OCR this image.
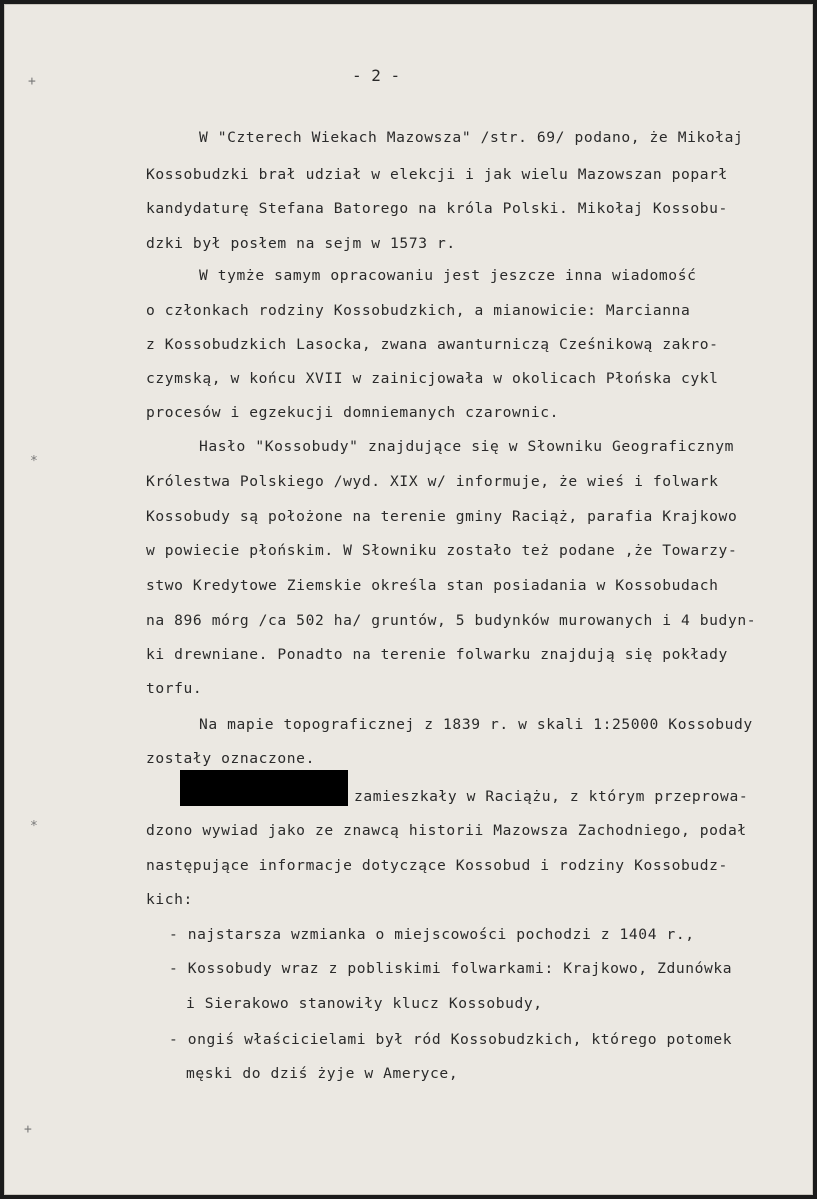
- 2 -
+
*
*
+
W "Czterech Wiekach Mazowsza" /str. 69/ podano, że Mikołaj
Kossobudzki brał udział w elekcji i jak wielu Mazowszan poparł
kandydaturę Stefana Batorego na króla Polski. Mikołaj Kossobu-
dzki był posłem na sejm w 1573 r.
W tymże samym opracowaniu jest jeszcze inna wiadomość
o członkach rodziny Kossobudzkich, a mianowicie: Marcianna
z Kossobudzkich Lasocka, zwana awanturniczą Cześnikową zakro-
czymską, w końcu XVII w zainicjowała w okolicach Płońska cykl
procesów i egzekucji domniemanych czarownic.
Hasło "Kossobudy" znajdujące się w Słowniku Geograficznym
Królestwa Polskiego /wyd. XIX w/ informuje, że wieś i folwark
Kossobudy są położone na terenie gminy Raciąż, parafia Krajkowo
w powiecie płońskim. W Słowniku zostało też podane ,że Towarzy-
stwo Kredytowe Ziemskie określa stan posiadania w Kossobudach
na 896 mórg /ca 502 ha/ gruntów, 5 budynków murowanych i 4 budyn-
ki drewniane. Ponadto na terenie folwarku znajdują się pokłady
torfu.
Na mapie topograficznej z 1839 r. w skali 1:25000 Kossobudy
zostały oznaczone.
zamieszkały w Raciążu, z którym przeprowa-
dzono wywiad jako ze znawcą historii Mazowsza Zachodniego, podał
następujące informacje dotyczące Kossobud i rodziny Kossobudz-
kich:
- najstarsza wzmianka o miejscowości pochodzi z 1404 r.,
- Kossobudy wraz z pobliskimi folwarkami: Krajkowo, Zdunówka
i Sierakowo stanowiły klucz Kossobudy,
- ongiś właścicielami był ród Kossobudzkich, którego potomek
męski do dziś żyje w Ameryce,
